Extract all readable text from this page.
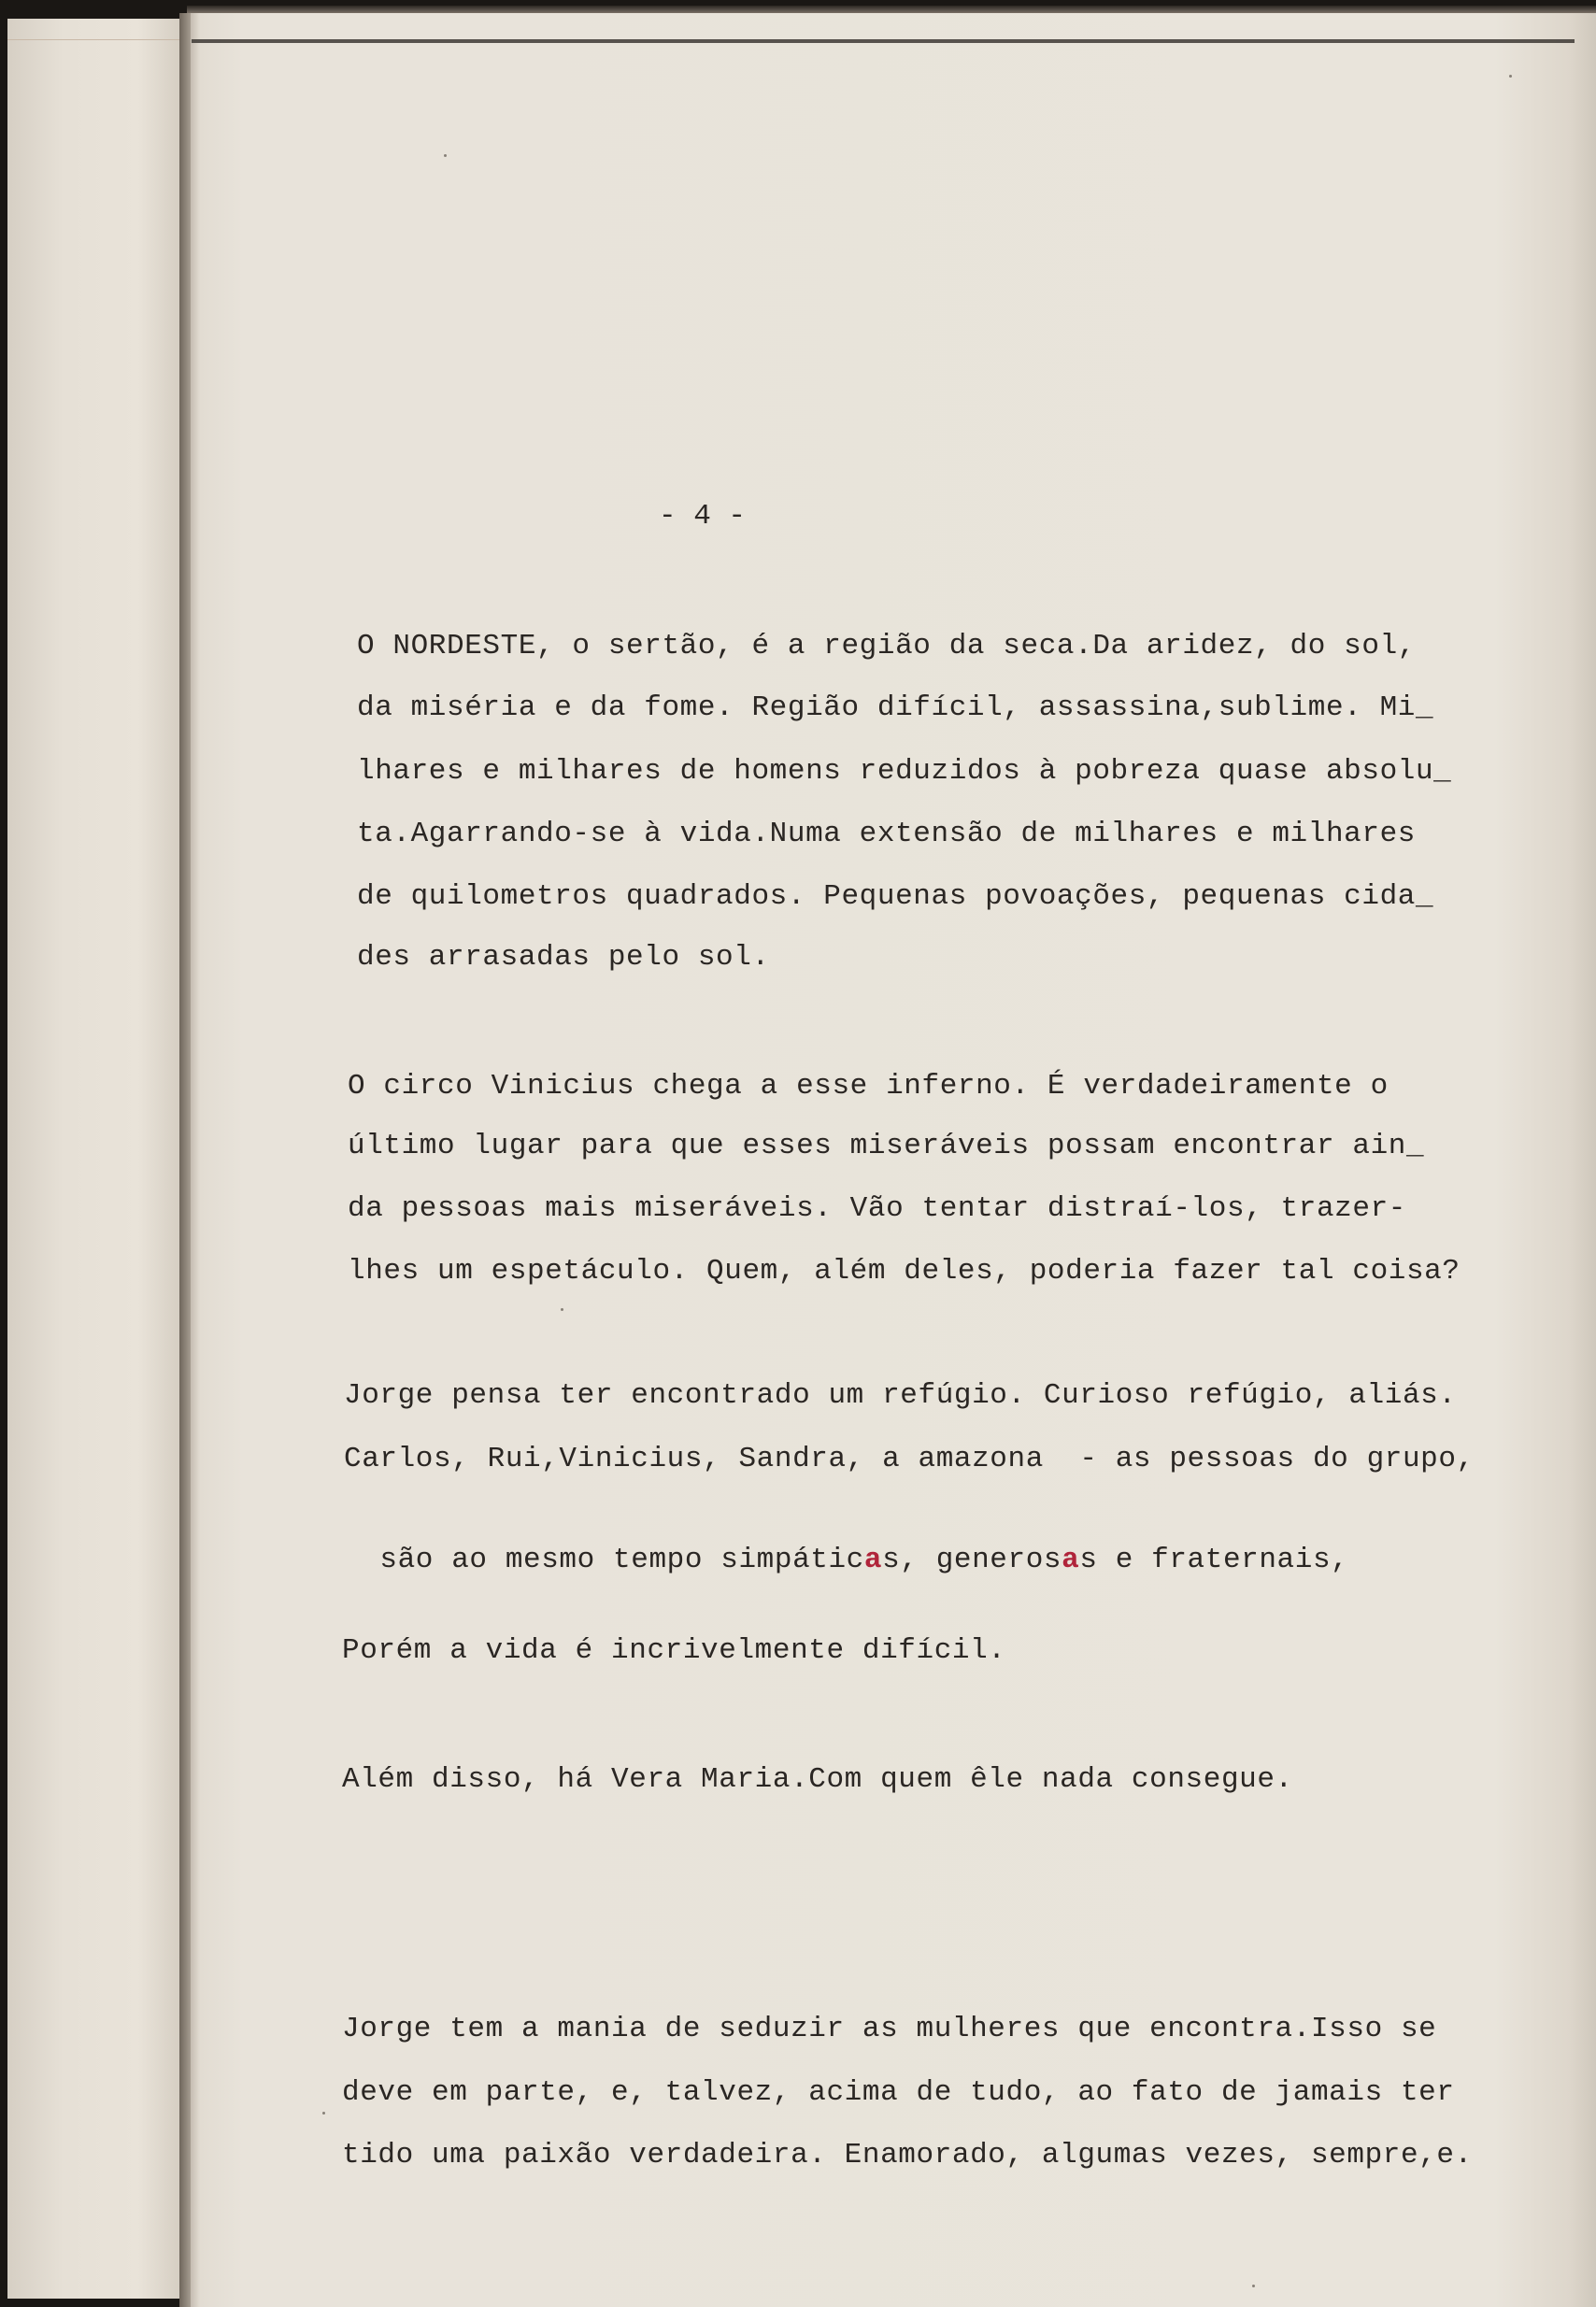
- 4 -
O NORDESTE, o sertão, é a região da seca.Da aridez, do sol,
da miséria e da fome. Região difícil, assassina,sublime. Mi_
lhares e milhares de homens reduzidos à pobreza quase absolu_
ta.Agarrando-se à vida.Numa extensão de milhares e milhares
de quilometros quadrados. Pequenas povoações, pequenas cida_
des arrasadas pelo sol.
O circo Vinicius chega a esse inferno. É verdadeiramente o
último lugar para que esses miseráveis possam encontrar ain_
da pessoas mais miseráveis. Vão tentar distraí-los, trazer-
lhes um espetáculo. Quem, além deles, poderia fazer tal coisa?
Jorge pensa ter encontrado um refúgio. Curioso refúgio, aliás.
Carlos, Rui,Vinicius, Sandra, a amazona  - as pessoas do grupo,

são ao mesmo tempo simpáticas, generosas e fraternais,

Porém a vida é incrivelmente difícil.
Além disso, há Vera Maria.Com quem êle nada consegue.
Jorge tem a mania de seduzir as mulheres que encontra.Isso se
deve em parte, e, talvez, acima de tudo, ao fato de jamais ter
tido uma paixão verdadeira. Enamorado, algumas vezes, sempre,e.
